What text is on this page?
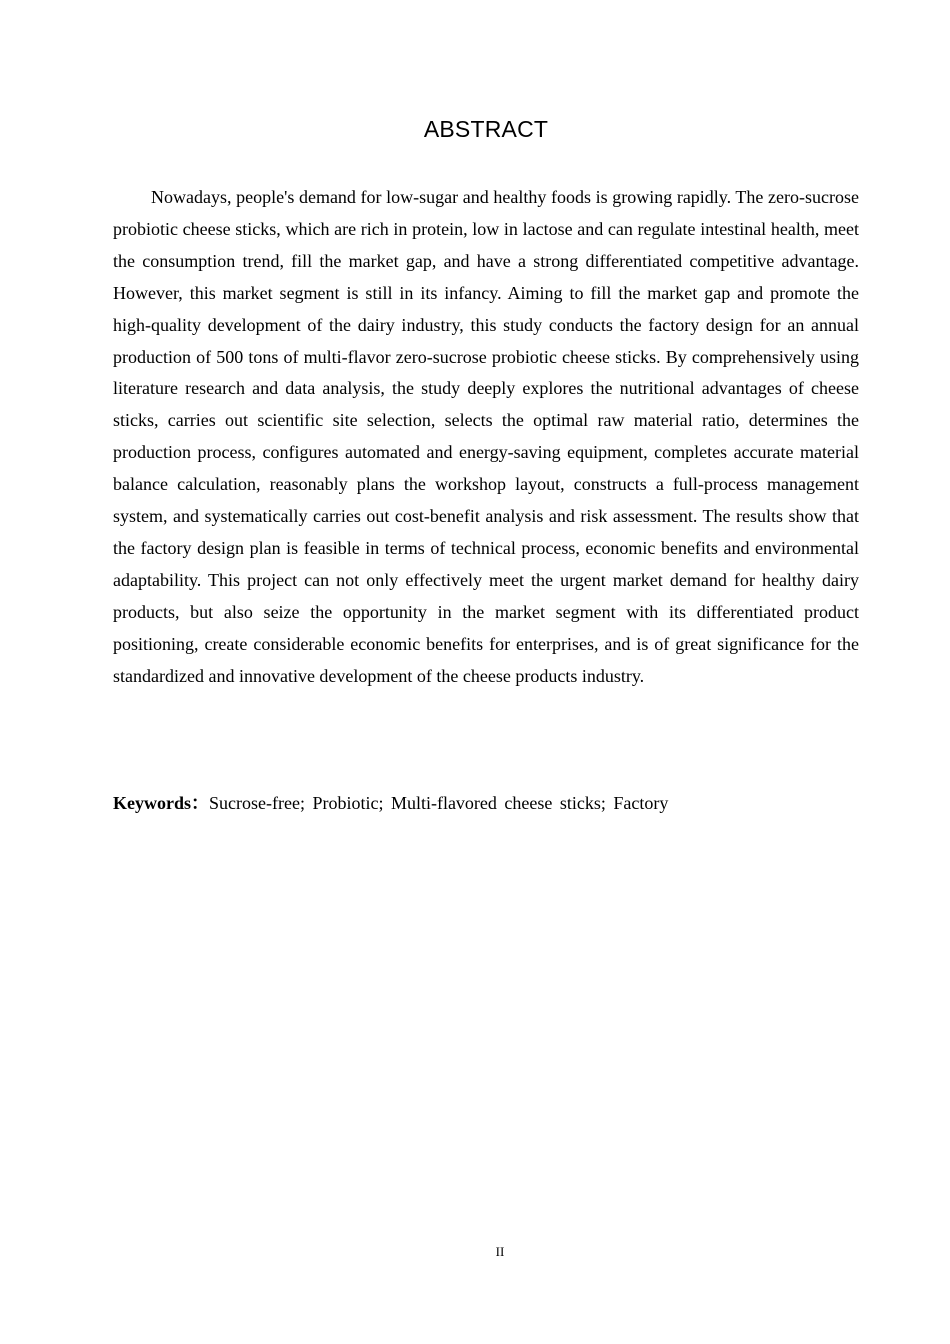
ABSTRACT

Nowadays, people's demand for low-sugar and healthy foods is growing rapidly. The zero-sucrose probiotic cheese sticks, which are rich in protein, low in lactose and can regulate intestinal health, meet the consumption trend, fill the market gap, and have a strong differentiated competitive advantage. However, this market segment is still in its infancy. Aiming to fill the market gap and promote the high-quality development of the dairy industry, this study conducts the factory design for an annual production of 500 tons of multi-flavor zero-sucrose probiotic cheese sticks. By comprehensively using literature research and data analysis, the study deeply explores the nutritional advantages of cheese sticks, carries out scientific site selection, selects the optimal raw material ratio, determines the production process, configures automated and energy-saving equipment, completes accurate material balance calculation, reasonably plans the workshop layout, constructs a full-process management system, and systematically carries out cost-benefit analysis and risk assessment. The results show that the factory design plan is feasible in terms of technical process, economic benefits and environmental adaptability. This project can not only effectively meet the urgent market demand for healthy dairy products, but also seize the opportunity in the market segment with its differentiated product positioning, create considerable economic benefits for enterprises, and is of great significance for the standardized and innovative development of the cheese products industry.

Keywords：Sucrose-free; Probiotic; Multi-flavored cheese sticks; Factory

II
